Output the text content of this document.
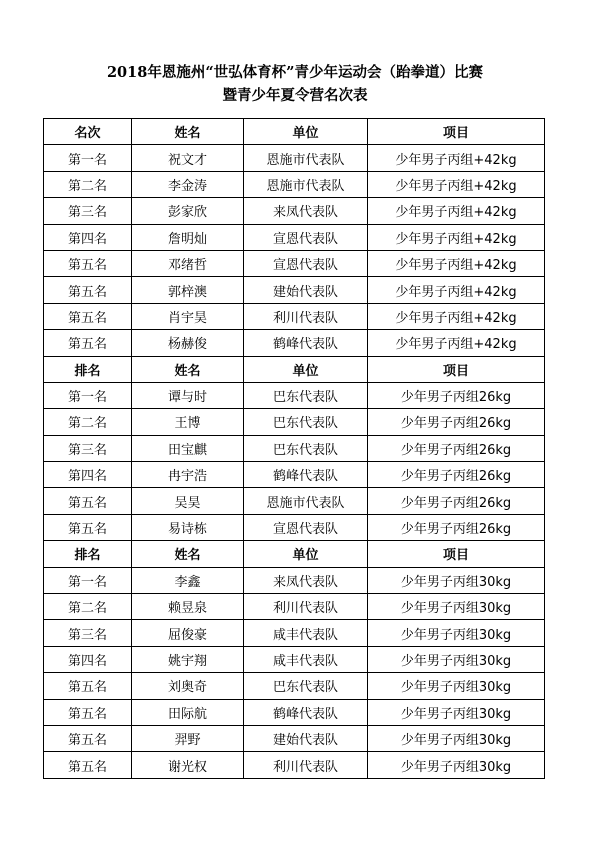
2018年恩施州“世弘体育杯”青少年运动会（跆拳道）比赛
暨青少年夏令营名次表
名次	姓名	单位	项目
第一名	祝文才	恩施市代表队	少年男子丙组+42kg
第二名	李金涛	恩施市代表队	少年男子丙组+42kg
第三名	彭家欣	来凤代表队	少年男子丙组+42kg
第四名	詹明灿	宣恩代表队	少年男子丙组+42kg
第五名	邓绪哲	宣恩代表队	少年男子丙组+42kg
第五名	郭梓澳	建始代表队	少年男子丙组+42kg
第五名	肖宇昊	利川代表队	少年男子丙组+42kg
第五名	杨赫俊	鹤峰代表队	少年男子丙组+42kg
排名	姓名	单位	项目
第一名	谭与时	巴东代表队	少年男子丙组26kg
第二名	王博	巴东代表队	少年男子丙组26kg
第三名	田宝麒	巴东代表队	少年男子丙组26kg
第四名	冉宇浩	鹤峰代表队	少年男子丙组26kg
第五名	吴昊	恩施市代表队	少年男子丙组26kg
第五名	易诗栋	宣恩代表队	少年男子丙组26kg
排名	姓名	单位	项目
第一名	李鑫	来凤代表队	少年男子丙组30kg
第二名	赖昱泉	利川代表队	少年男子丙组30kg
第三名	屈俊豪	咸丰代表队	少年男子丙组30kg
第四名	姚宇翔	咸丰代表队	少年男子丙组30kg
第五名	刘奥奇	巴东代表队	少年男子丙组30kg
第五名	田际航	鹤峰代表队	少年男子丙组30kg
第五名	羿野	建始代表队	少年男子丙组30kg
第五名	谢光权	利川代表队	少年男子丙组30kg
